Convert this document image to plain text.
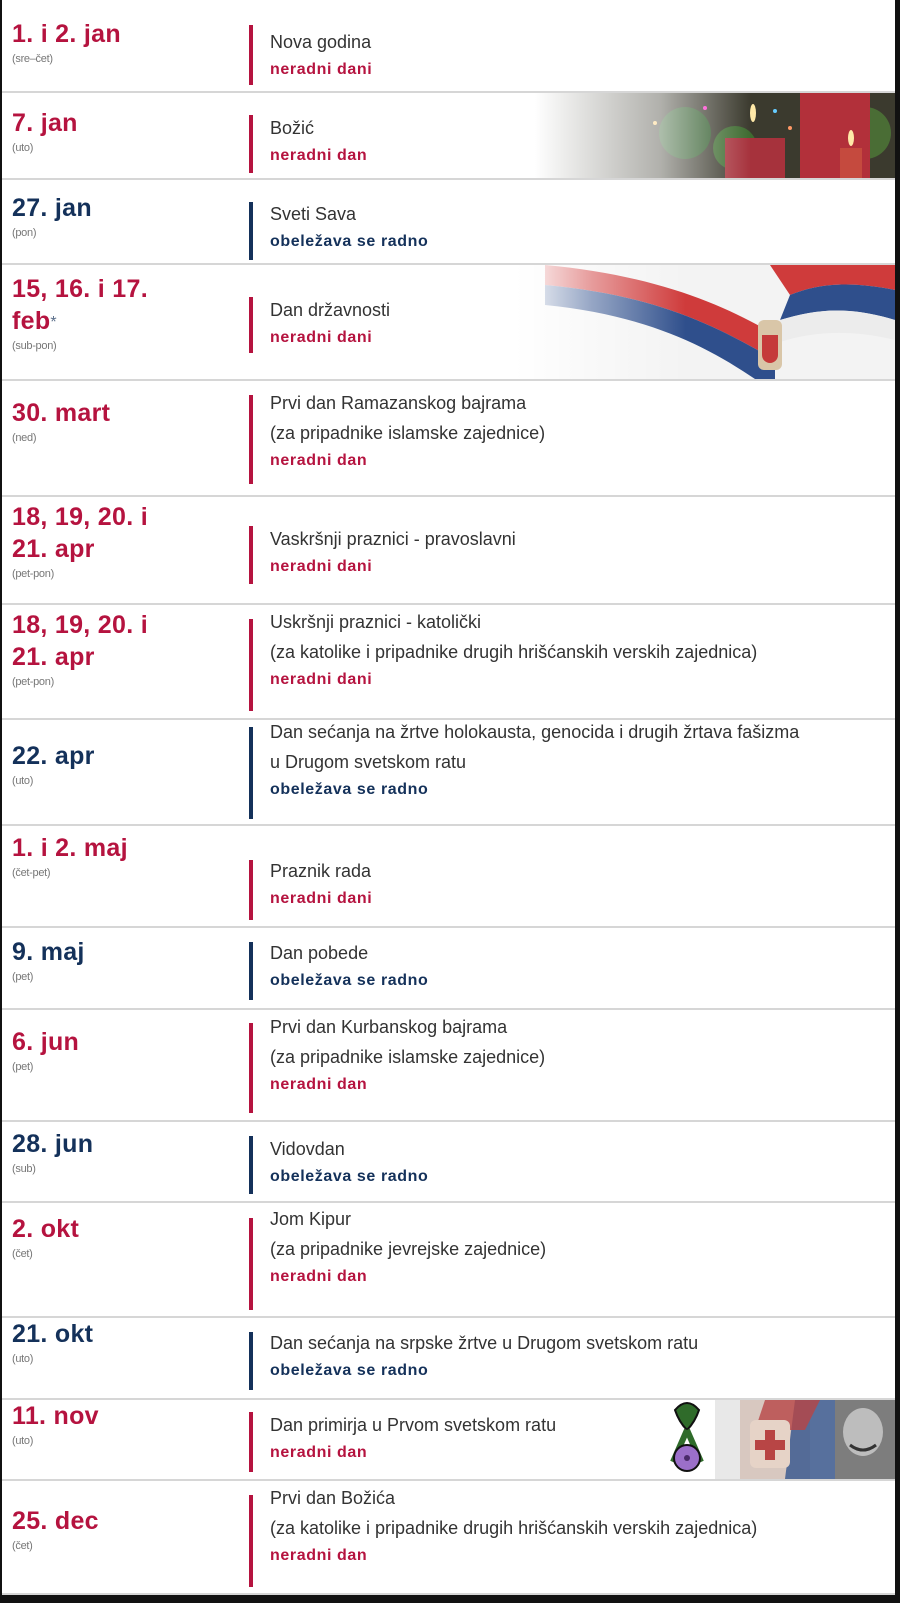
1. i 2. jan
(sre–čet)
Nova godina
neradni dani
7. jan
(uto)
Božić
neradni dan
27. jan
(pon)
Sveti Sava
obeležava se radno
15, 16. i 17.
feb*
(sub-pon)
Dan državnosti
neradni dani
30. mart
(ned)
Prvi dan Ramazanskog bajrama
(za pripadnike islamske zajednice)
neradni dan
18, 19, 20. i
21. apr
(pet-pon)
Vaskršnji praznici - pravoslavni
neradni dani
18, 19, 20. i
21. apr
(pet-pon)
Uskršnji praznici - katolički
(za katolike i pripadnike drugih hrišćanskih verskih zajednica)
neradni dani
22. apr
(uto)
Dan sećanja na žrtve holokausta, genocida i drugih žrtava fašizma
u Drugom svetskom ratu
obeležava se radno
1. i 2. maj
(čet-pet)	Praznik rada
neradni dani
9. maj
(pet)
Dan pobede
obeležava se radno
6. jun
(pet)
Prvi dan Kurbanskog bajrama
(za pripadnike islamske zajednice)
neradni dan
28. jun
(sub)
Vidovdan
obeležava se radno
2. okt
(čet)
Jom Kipur
(za pripadnike jevrejske zajednice)
neradni dan
21. okt
(uto)
Dan sećanja na srpske žrtve u Drugom svetskom ratu
obeležava se radno
11. nov
(uto)
Dan primirja u Prvom svetskom ratu
neradni dan
25. dec
(čet)
Prvi dan Božića
(za katolike i pripadnike drugih hrišćanskih verskih zajednica)
neradni dan
